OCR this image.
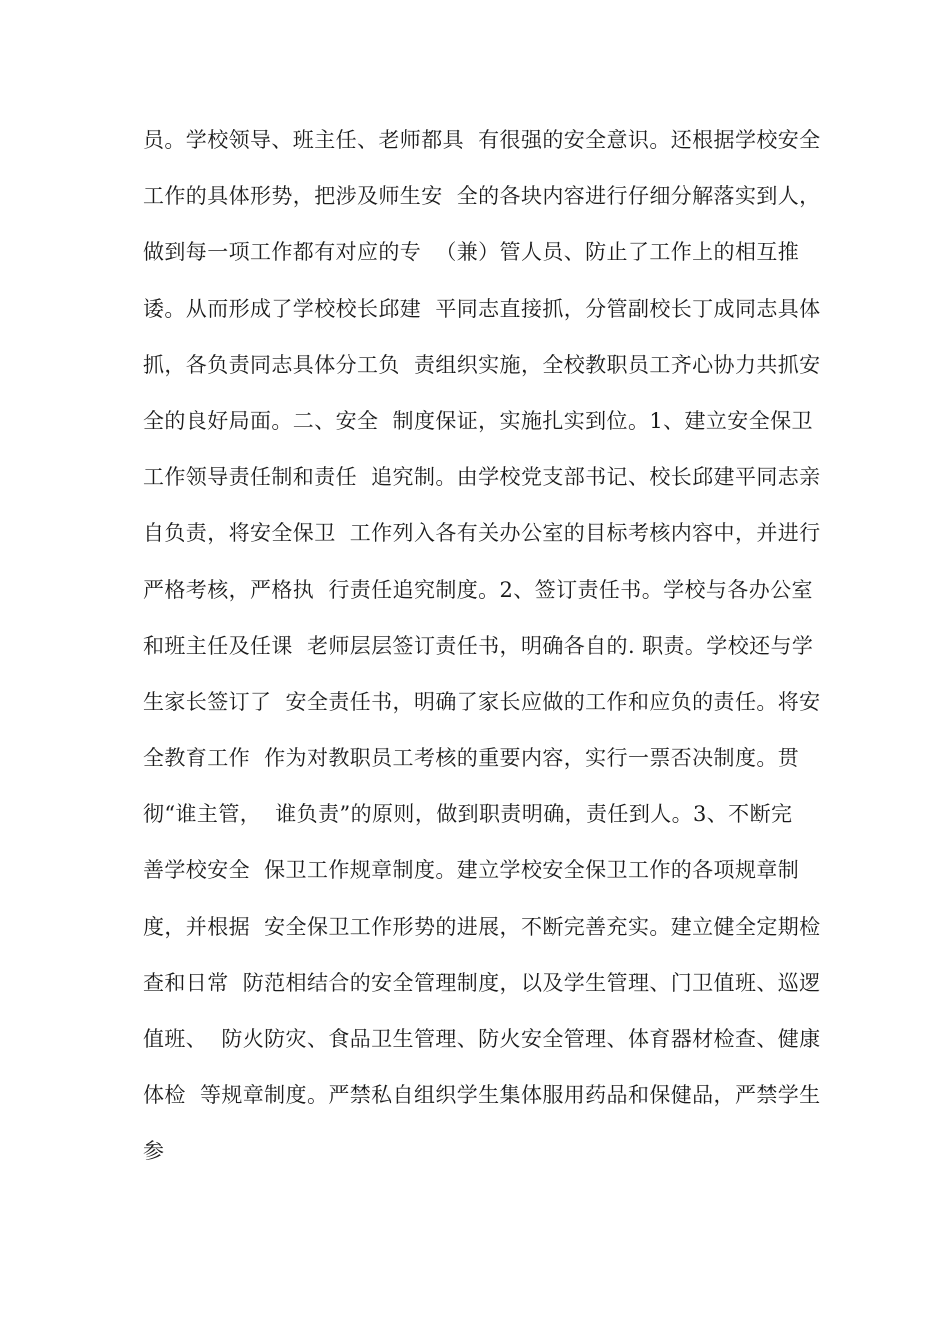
员。学校领导、班主任、老师都具  有很强的安全意识。还根据学校安全
工作的具体形势，把涉及师生安  全的各块内容进行仔细分解落实到人，
做到每一项工作都有对应的专  （兼）管人员、防止了工作上的相互推
诿。从而形成了学校校长邱建  平同志直接抓，分管副校长丁成同志具体
抓，各负责同志具体分工负  责组织实施，全校教职员工齐心协力共抓安
全的良好局面。二、安全  制度保证，实施扎实到位。1、建立安全保卫
工作领导责任制和责任  追究制。由学校党支部书记、校长邱建平同志亲
自负责，将安全保卫  工作列入各有关办公室的目标考核内容中，并进行
严格考核，严格执  行责任追究制度。2、签订责任书。学校与各办公室
和班主任及任课  老师层层签订责任书，明确各自的. 职责。学校还与学
生家长签订了  安全责任书，明确了家长应做的工作和应负的责任。将安
全教育工作  作为对教职员工考核的重要内容，实行一票否决制度。贯
彻“谁主管，  谁负责”的原则，做到职责明确，责任到人。3、不断完
善学校安全  保卫工作规章制度。建立学校安全保卫工作的各项规章制
度，并根据  安全保卫工作形势的进展，不断完善充实。建立健全定期检
查和日常  防范相结合的安全管理制度，以及学生管理、门卫值班、巡逻
值班、  防火防灾、食品卫生管理、防火安全管理、体育器材检查、健康
体检  等规章制度。严禁私自组织学生集体服用药品和保健品，严禁学生
参
